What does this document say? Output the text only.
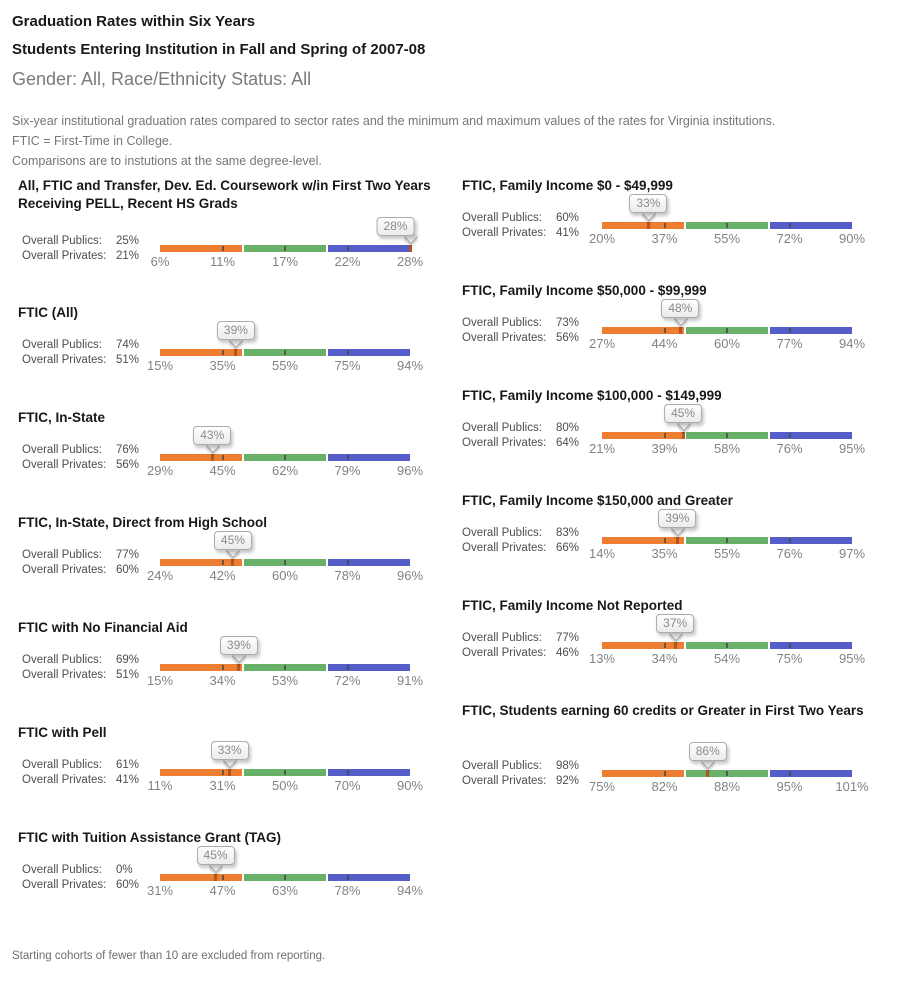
Graduation Rates within Six Years
Students Entering Institution in Fall and Spring of 2007-08
Gender: All, Race/Ethnicity Status: All
Six-year institutional graduation rates compared to sector rates and the minimum and maximum values of the rates for Virginia institutions.
FTIC = First-Time in College.
Comparisons are to instutions at the same degree-level.
All, FTIC and Transfer, Dev. Ed. Coursework w/in First Two Years Receiving PELL, Recent HS Grads
Overall Publics:	25%
Overall Privates: 21%
28%
6%	11%	17%	22%	28%
FTIC (All)
Overall Publics:	74%
Overall Privates: 51%
39%
15%	35%	55%	75%	94%
FTIC, In-State
Overall Publics:	76%
Overall Privates: 56%
43%
29%	45%	62%	79%	96%
FTIC, In-State, Direct from High School
Overall Publics:	77%
Overall Privates: 60%
45%
24%	42%	60%	78%	96%
FTIC with No Financial Aid
Overall Publics:	69%
Overall Privates: 51%
39%
15%	34%	53%	72%	91%
FTIC with Pell
Overall Publics:	61%
Overall Privates: 41%
33%
11%	31%	50%	70%	90%
FTIC with Tuition Assistance Grant (TAG)
Overall Publics:	0%
Overall Privates: 60%
45%
31%	47%	63%	78%	94%
FTIC, Family Income $0 - $49,999
Overall Publics:	60%
Overall Privates: 41%
33%
20%	37%	55%	72%	90%
FTIC, Family Income $50,000 - $99,999
Overall Publics:	73%
Overall Privates: 56%
48%
27%	44%	60%	77%	94%
FTIC, Family Income $100,000 - $149,999
Overall Publics:	80%
Overall Privates: 64%
45%
21%	39%	58%	76%	95%
FTIC, Family Income $150,000 and Greater
Overall Publics:	83%
Overall Privates: 66%
39%
14%	35%	55%	76%	97%
FTIC, Family Income Not Reported
Overall Publics:	77%
Overall Privates: 46%
37%
13%	34%	54%	75%	95%
FTIC, Students earning 60 credits or Greater in First Two Years
Overall Publics:	98%
Overall Privates: 92%
86%
75%	82%	88%	95%	101%
Starting cohorts of fewer than 10 are excluded from reporting.
